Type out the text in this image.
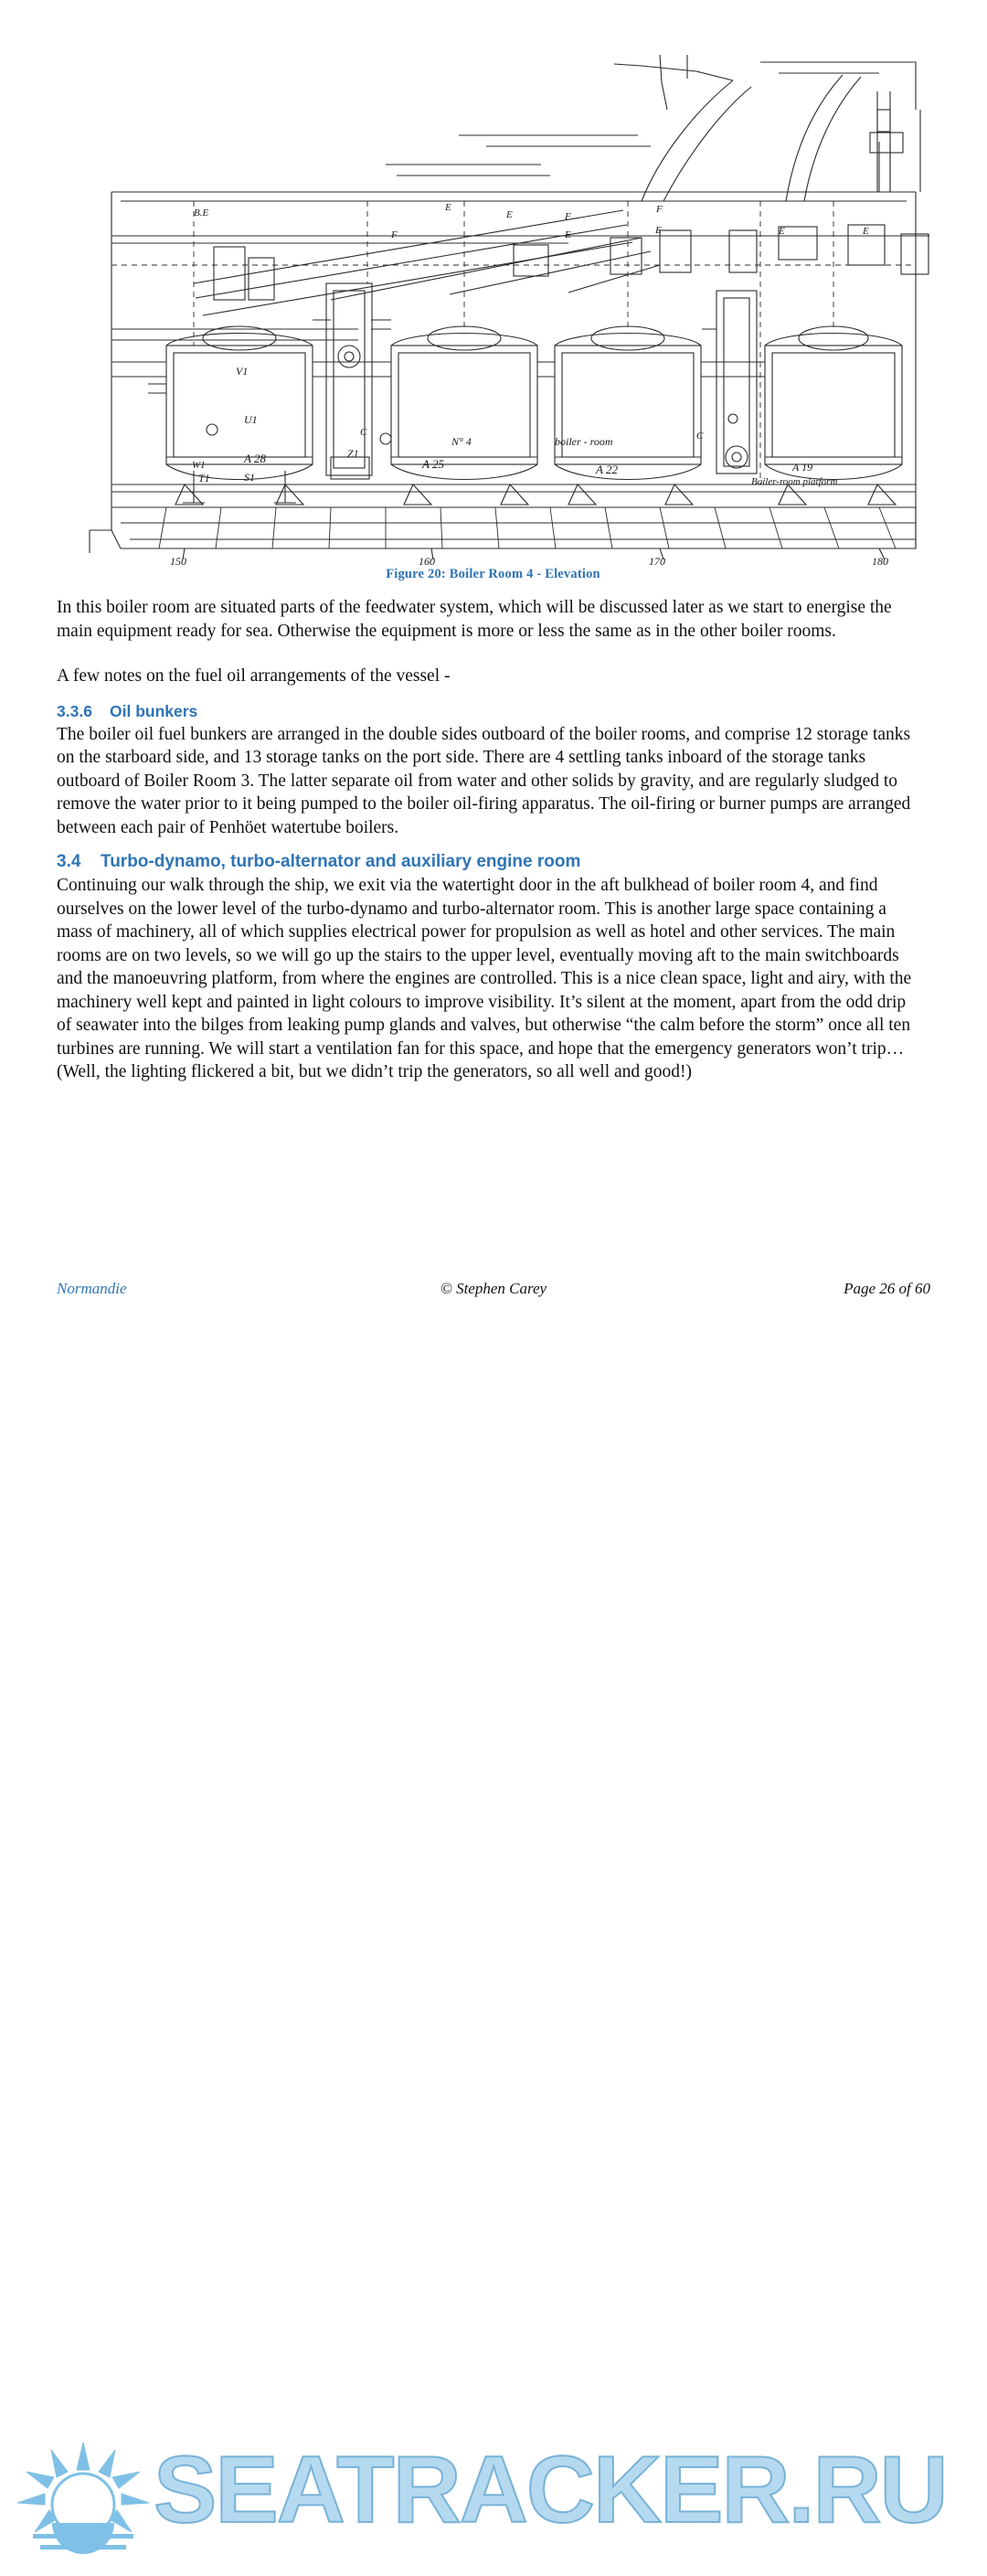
U1
V1
W1
T1	S1
Z1
A 28	A 25	A 22	A 19
Boiler-room platform
N° 4	boiler - room
B.E	E
E
E	E	E	E
F
F
F
C	C
150	160	170	180
Figure 20: Boiler Room 4 - Elevation

In this boiler room are situated parts of the feedwater system, which will be discussed later as we start to energise the main equipment ready for sea. Otherwise the equipment is more or less the same as in the other boiler rooms.

A few notes on the fuel oil arrangements of the vessel -

3.3.6 Oil bunkers

The boiler oil fuel bunkers are arranged in the double sides outboard of the boiler rooms, and comprise 12 storage tanks on the starboard side, and 13 storage tanks on the port side. There are 4 settling tanks inboard of the storage tanks outboard of Boiler Room 3. The latter separate oil from water and other solids by gravity, and are regularly sludged to remove the water prior to it being pumped to the boiler oil-firing apparatus. The oil-firing or burner pumps are arranged between each pair of Penhöet watertube boilers.

3.4 Turbo-dynamo, turbo-alternator and auxiliary engine room

Continuing our walk through the ship, we exit via the watertight door in the aft bulkhead of boiler room 4, and find ourselves on the lower level of the turbo-dynamo and turbo-alternator room. This is another large space containing a mass of machinery, all of which supplies electrical power for propulsion as well as hotel and other services. The main rooms are on two levels, so we will go up the stairs to the upper level, eventually moving aft to the main switchboards and the manoeuvring platform, from where the engines are controlled. This is a nice clean space, light and airy, with the machinery well kept and painted in light colours to improve visibility. It’s silent at the moment, apart from the odd drip of seawater into the bilges from leaking pump glands and valves, but otherwise “the calm before the storm” once all ten turbines are running. We will start a ventilation fan for this space, and hope that the emergency generators won’t trip… (Well, the lighting flickered a bit, but we didn’t trip the generators, so all well and good!)

SEATRACKER.RU
Normandie	© Stephen Carey	Page 26 of 60
